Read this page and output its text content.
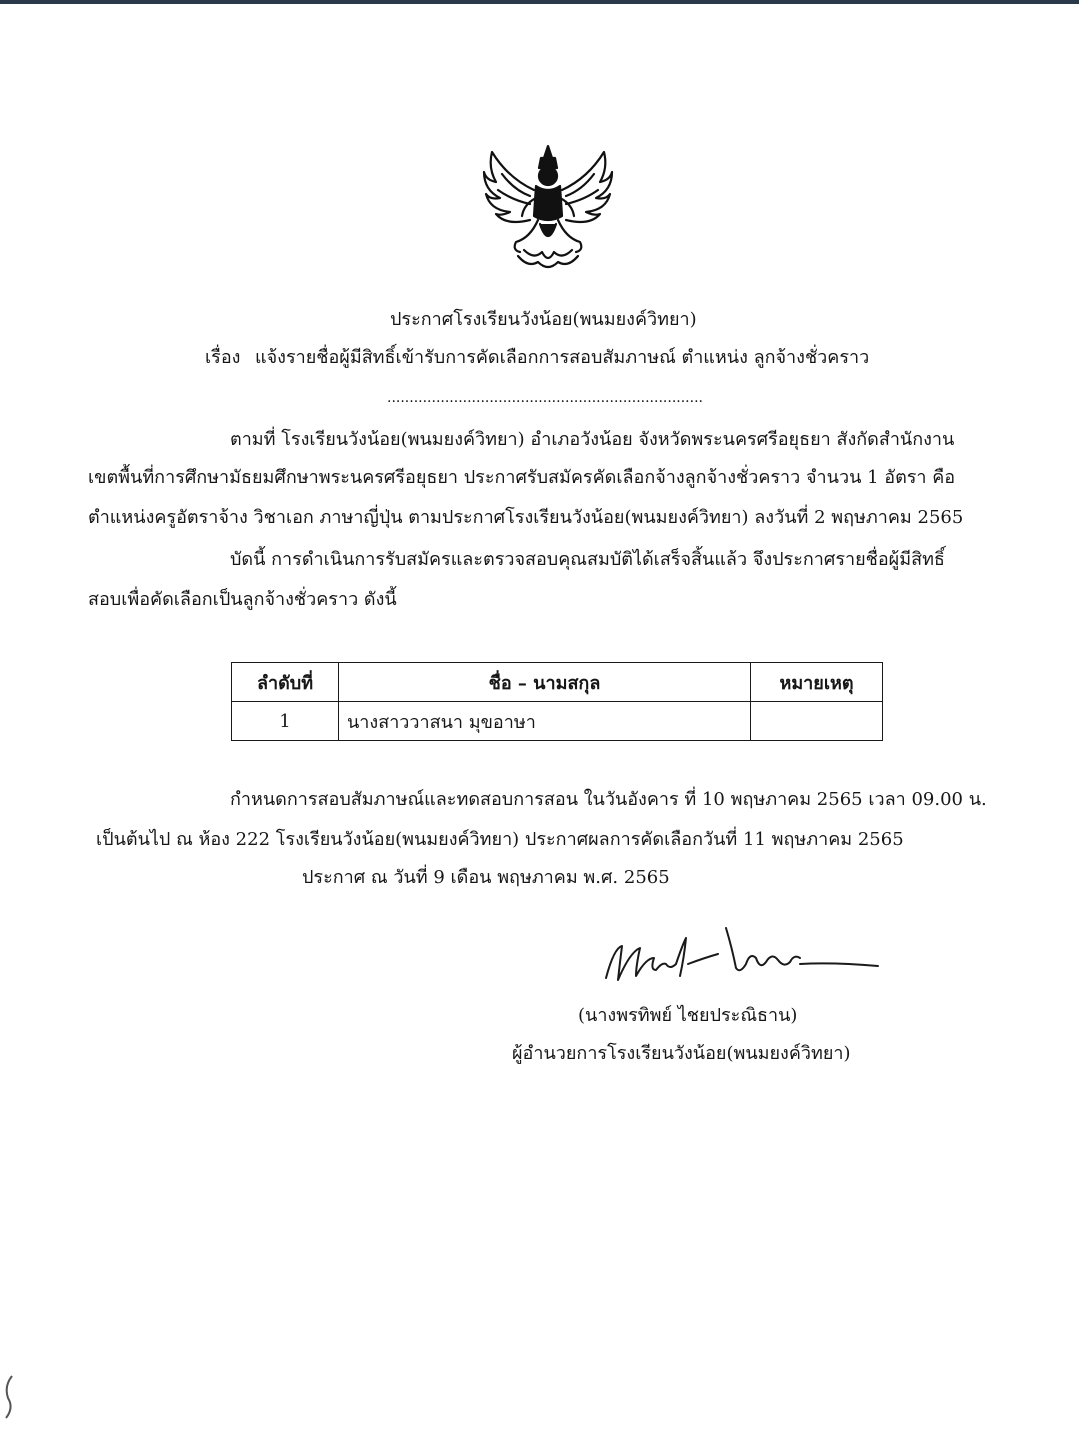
ประกาศโรงเรียนวังน้อย(พนมยงค์วิทยา)
เรื่อง แจ้งรายชื่อผู้มีสิทธิ์เข้ารับการคัดเลือกการสอบสัมภาษณ์ ตำแหน่ง ลูกจ้างชั่วคราว
.......................................................................
ตามที่ โรงเรียนวังน้อย(พนมยงค์วิทยา) อำเภอวังน้อย จังหวัดพระนครศรีอยุธยา สังกัดสำนักงาน
เขตพื้นที่การศึกษามัธยมศึกษาพระนครศรีอยุธยา ประกาศรับสมัครคัดเลือกจ้างลูกจ้างชั่วคราว จำนวน 1 อัตรา คือ
ตำแหน่งครูอัตราจ้าง วิชาเอก ภาษาญี่ปุ่น ตามประกาศโรงเรียนวังน้อย(พนมยงค์วิทยา) ลงวันที่ 2 พฤษภาคม 2565
บัดนี้ การดำเนินการรับสมัครและตรวจสอบคุณสมบัติได้เสร็จสิ้นแล้ว จึงประกาศรายชื่อผู้มีสิทธิ์
สอบเพื่อคัดเลือกเป็นลูกจ้างชั่วคราว ดังนี้
ลำดับที่	ชื่อ – นามสกุล	หมายเหตุ
1	นางสาววาสนา มุขอาษา	
กำหนดการสอบสัมภาษณ์และทดสอบการสอน ในวันอังคาร ที่ 10 พฤษภาคม 2565 เวลา 09.00 น.
เป็นต้นไป ณ ห้อง 222 โรงเรียนวังน้อย(พนมยงค์วิทยา) ประกาศผลการคัดเลือกวันที่ 11 พฤษภาคม 2565
ประกาศ ณ วันที่ 9 เดือน พฤษภาคม พ.ศ. 2565
(นางพรทิพย์ ไชยประณิธาน)
ผู้อำนวยการโรงเรียนวังน้อย(พนมยงค์วิทยา)
